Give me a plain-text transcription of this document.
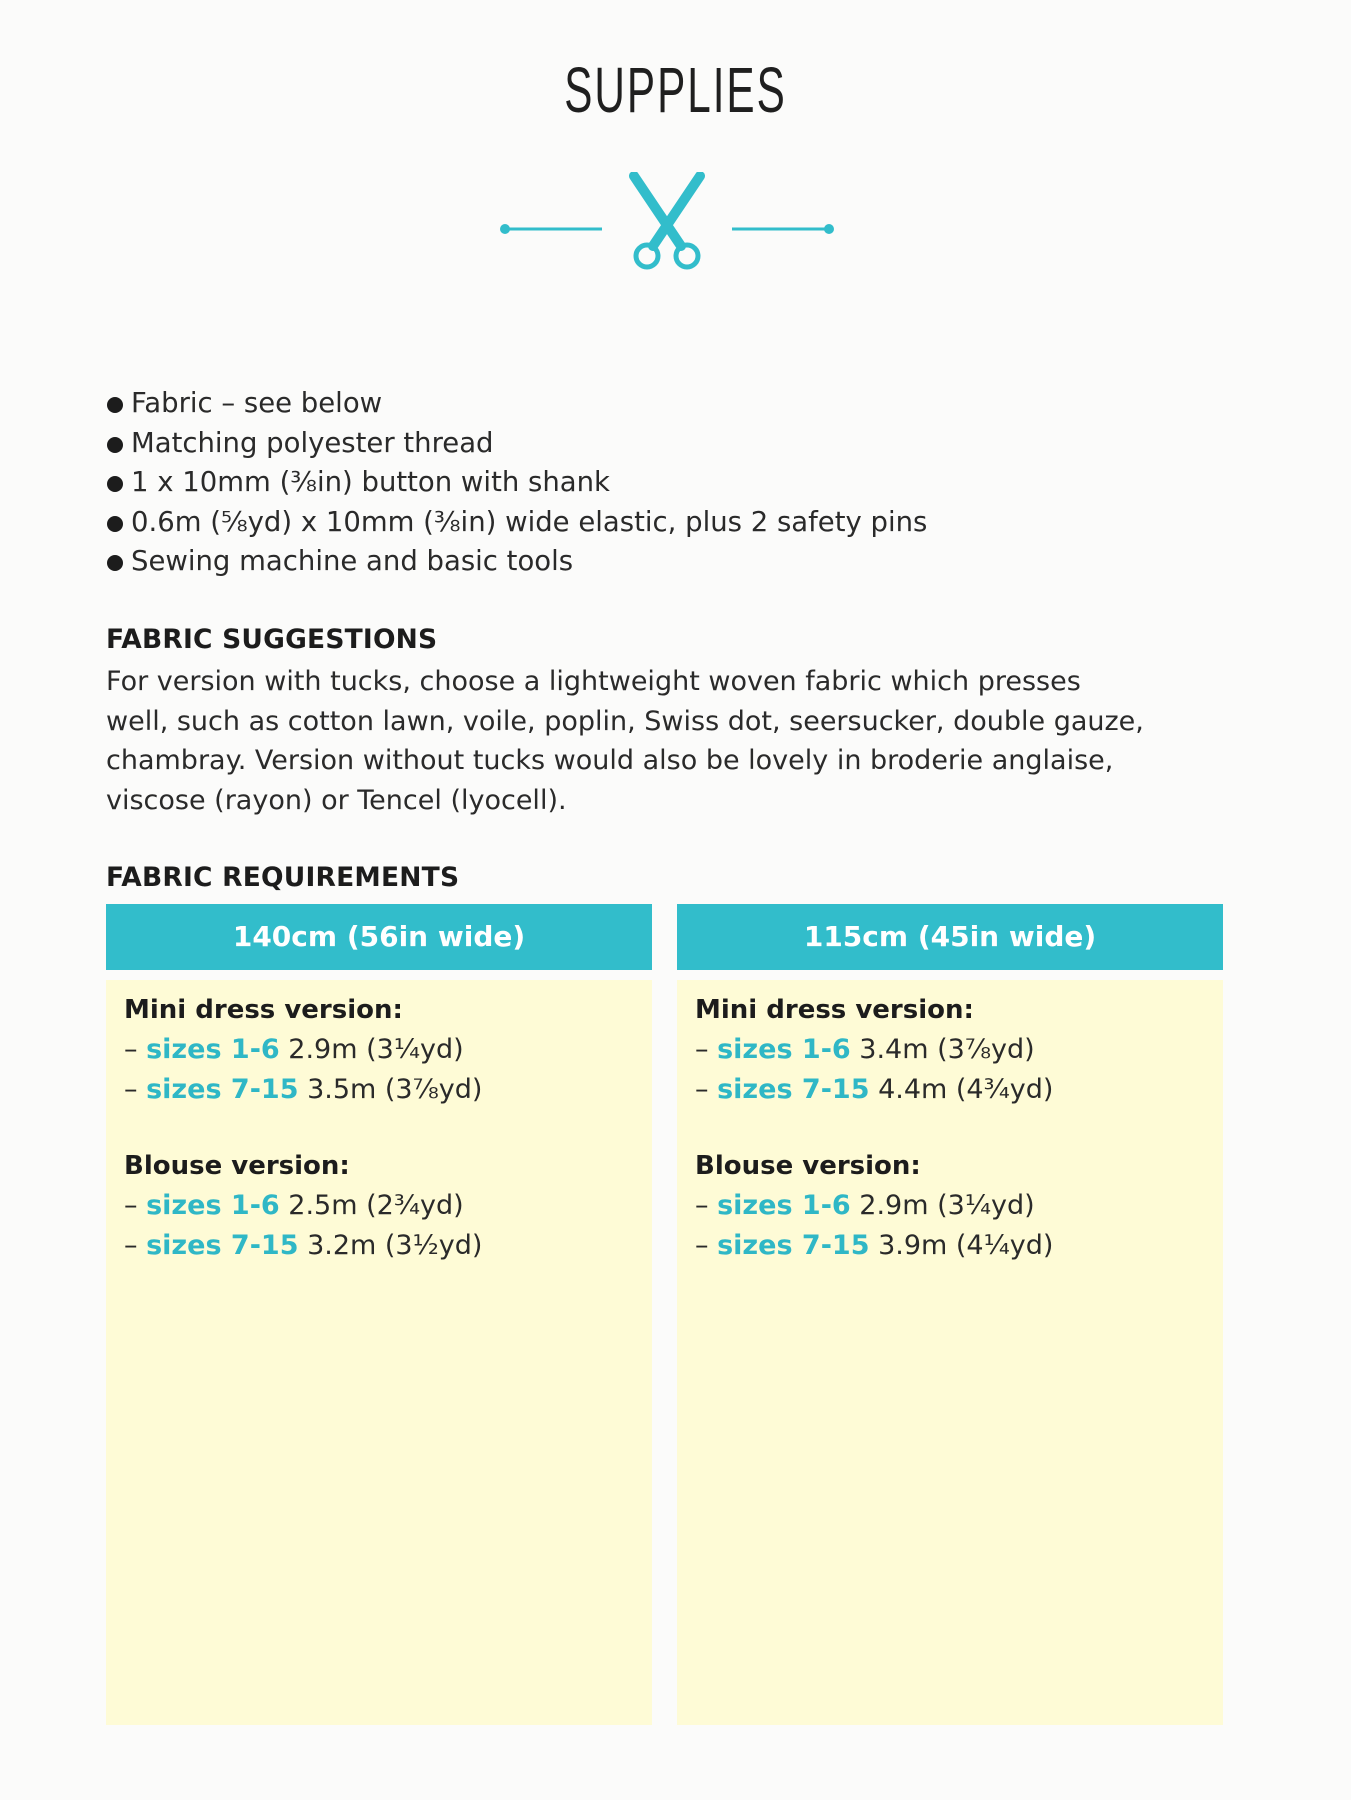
SUPPLIES
Fabric – see below
Matching polyester thread
1 x 10mm (⅜in) button with shank
0.6m (⅝yd) x 10mm (⅜in) wide elastic, plus 2 safety pins
Sewing machine and basic tools
FABRIC SUGGESTIONS

For version with tucks, choose a lightweight woven fabric which presses
well, such as cotton lawn, voile, poplin, Swiss dot, seersucker, double gauze,
chambray. Version without tucks would also be lovely in broderie anglaise,
viscose (rayon) or Tencel (lyocell).

FABRIC REQUIREMENTS
140cm (56in wide)
Mini dress version:
– sizes 1-6 2.9m (3¼yd)
– sizes 7-15 3.5m (3⅞yd)
Blouse version:
– sizes 1-6 2.5m (2¾yd)
– sizes 7-15 3.2m (3½yd)
115cm (45in wide)
Mini dress version:
– sizes 1-6 3.4m (3⅞yd)
– sizes 7-15 4.4m (4¾yd)
Blouse version:
– sizes 1-6 2.9m (3¼yd)
– sizes 7-15 3.9m (4¼yd)
